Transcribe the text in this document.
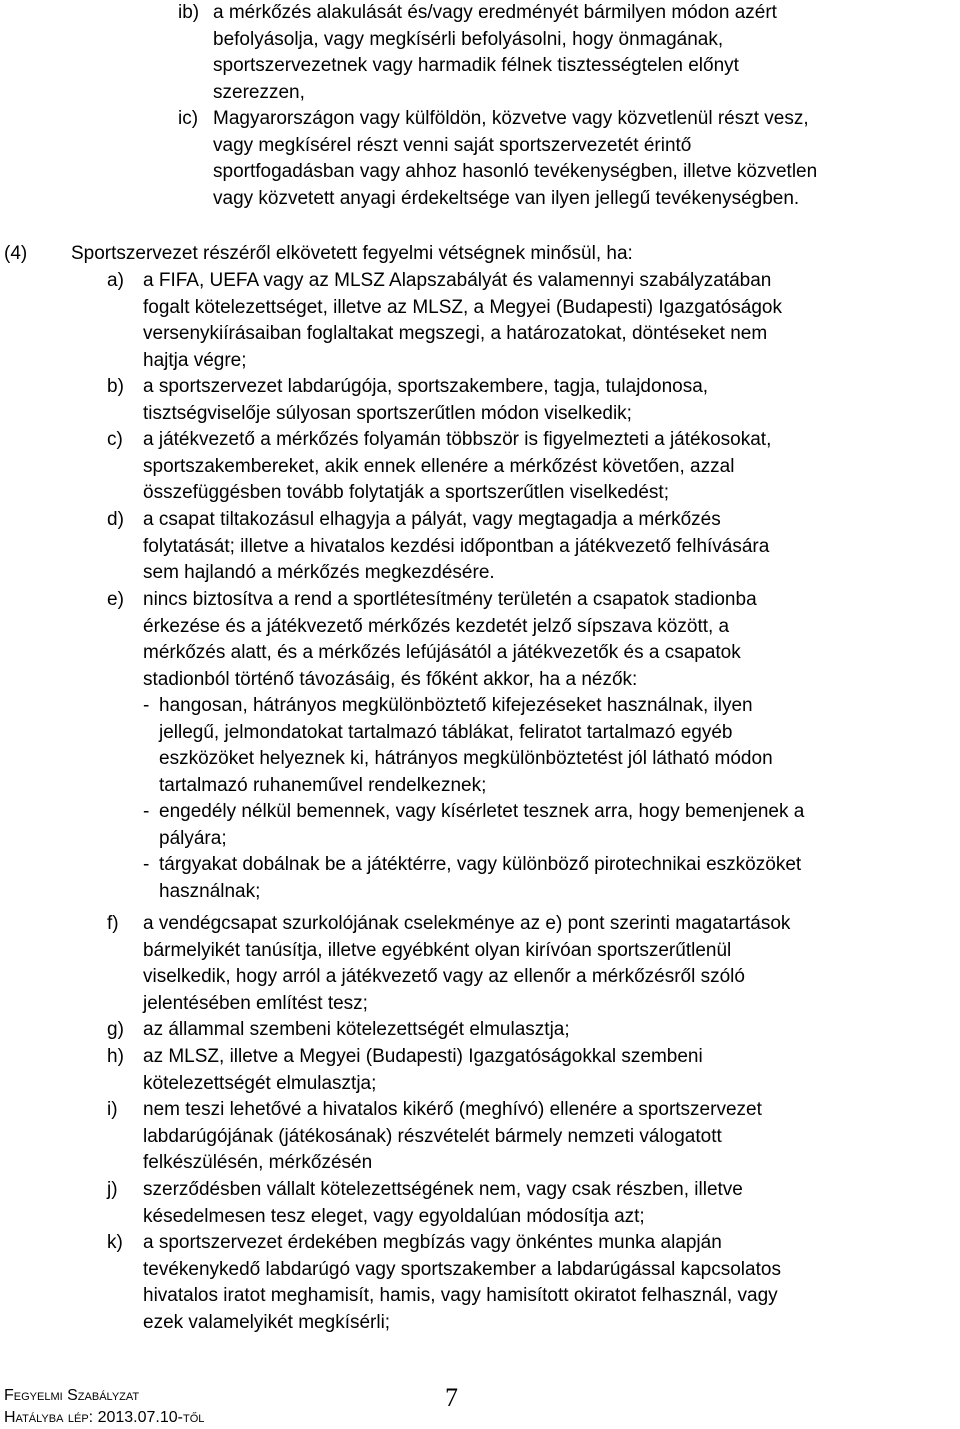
ib) a mérkőzés alakulását és/vagy eredményét bármilyen módon azért
befolyásolja, vagy megkísérli befolyásolni, hogy önmagának,
sportszervezetnek vagy harmadik félnek tisztességtelen előnyt
szerezzen,
ic) Magyarországon vagy külföldön, közvetve vagy közvetlenül részt vesz,
vagy megkísérel részt venni saját sportszervezetét érintő
sportfogadásban vagy ahhoz hasonló tevékenységben, illetve közvetlen
vagy közvetett anyagi érdekeltsége van ilyen jellegű tevékenységben.
a) a FIFA, UEFA vagy az MLSZ Alapszabályát és valamennyi szabályzatában
fogalt kötelezettséget, illetve az MLSZ, a Megyei (Budapesti) Igazgatóságok
versenykiírásaiban foglaltakat megszegi, a határozatokat, döntéseket nem
hajtja végre;
b) a sportszervezet labdarúgója, sportszakembere, tagja, tulajdonosa,
tisztségviselője súlyosan sportszerűtlen módon viselkedik;
c) a játékvezető a mérkőzés folyamán többször is figyelmezteti a játékosokat,
sportszakembereket, akik ennek ellenére a mérkőzést követően, azzal
összefüggésben tovább folytatják a sportszerűtlen viselkedést;
d) a csapat tiltakozásul elhagyja a pályát, vagy megtagadja a mérkőzés
folytatását; illetve a hivatalos kezdési időpontban a játékvezető felhívására
sem hajlandó a mérkőzés megkezdésére.
e) nincs biztosítva a rend a sportlétesítmény területén a csapatok stadionba
érkezése és a játékvezető mérkőzés kezdetét jelző sípszava között, a
mérkőzés alatt, és a mérkőzés lefújásától a játékvezetők és a csapatok
stadionból történő távozásáig, és főként akkor, ha a nézők:
- hangosan, hátrányos megkülönböztető kifejezéseket használnak, ilyen
jellegű, jelmondatokat tartalmazó táblákat, feliratot tartalmazó egyéb
eszközöket helyeznek ki, hátrányos megkülönböztetést jól látható módon
tartalmazó ruhaneművel rendelkeznek;
- engedély nélkül bemennek, vagy kísérletet tesznek arra, hogy bemenjenek a
pályára;
- tárgyakat dobálnak be a játéktérre, vagy különböző pirotechnikai eszközöket
használnak;
f) a vendégcsapat szurkolójának cselekménye az e) pont szerinti magatartások
bármelyikét tanúsítja, illetve egyébként olyan kirívóan sportszerűtlenül
viselkedik, hogy arról a játékvezető vagy az ellenőr a mérkőzésről szóló
jelentésében említést tesz;
g) az állammal szembeni kötelezettségét elmulasztja;
h) az MLSZ, illetve a Megyei (Budapesti) Igazgatóságokkal szembeni
kötelezettségét elmulasztja;
i) nem teszi lehetővé a hivatalos kikérő (meghívó) ellenére a sportszervezet
labdarúgójának (játékosának) részvételét bármely nemzeti válogatott
felkészülésén, mérkőzésén
j) szerződésben vállalt kötelezettségének nem, vagy csak részben, illetve
késedelmesen tesz eleget, vagy egyoldalúan módosítja azt;
k) a sportszervezet érdekében megbízás vagy önkéntes munka alapján
tevékenykedő labdarúgó vagy sportszakember a labdarúgással kapcsolatos
hivatalos iratot meghamisít, hamis, vagy hamisított okiratot felhasznál, vagy
ezek valamelyikét megkísérli;
(4) Sportszervezet részéről elkövetett fegyelmi vétségnek minősül, ha:
Fegyelmi Szabályzat
Hatályba lép: 2013.07.10-től
7
